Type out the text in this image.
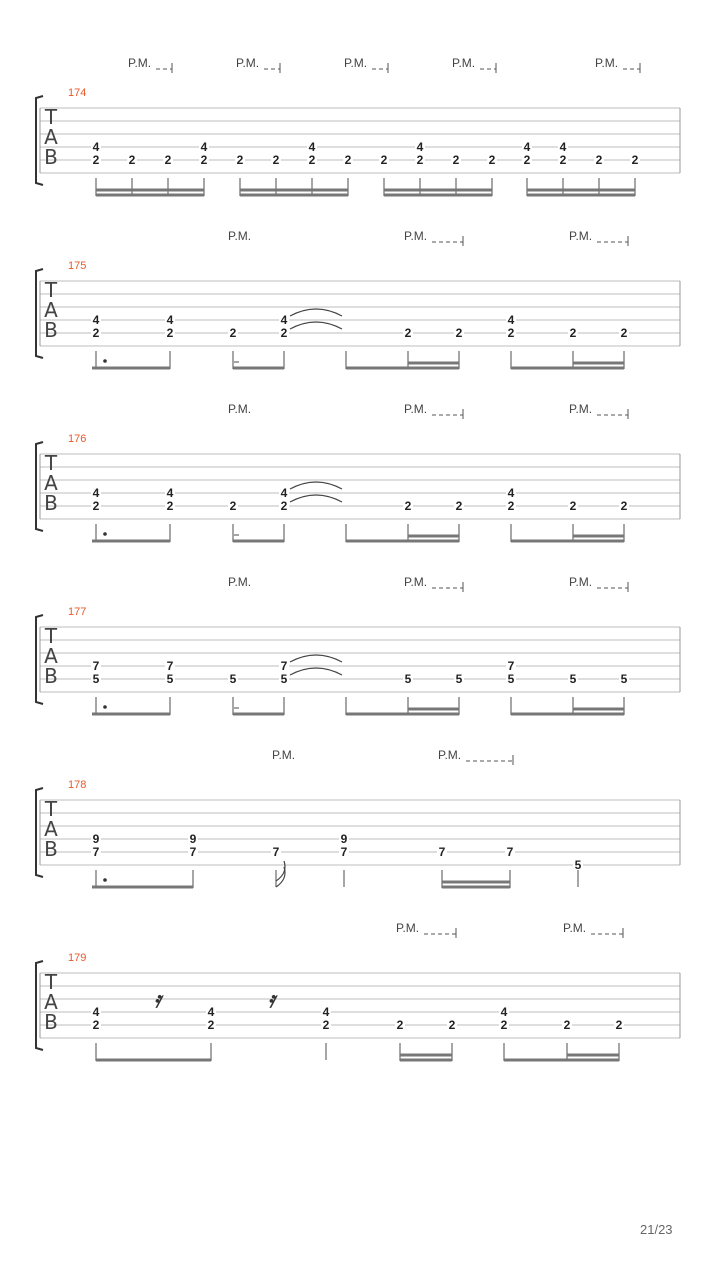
T
A
B
174
P.M.	P.M.	P.M.	P.M.	P.M.
4
2 2 2
4
2 2 2
4
2 2 2
4
2 2 2
4
2
4
2 2 2
T
A
B
175
P.M.	P.M.	P.M.
4
2
4
2	2
4
2	2	2
4
2	2	2
T
A
B
176
P.M.	P.M.	P.M.
4
2
4
2	2
4
2	2	2
4
2	2	2
T
A
B
177
P.M.	P.M.	P.M.
7
5
7
5	5
7
5	5	5
7
5	5	5
T
A
B
178
P.M.	P.M.
9
7
9
7	7
9
7	7	7
5
T
A
B
179
P.M.	P.M.
4
2
4
2
4
2	2	2
4
2	2	2
𝄿	𝄿
21/23
